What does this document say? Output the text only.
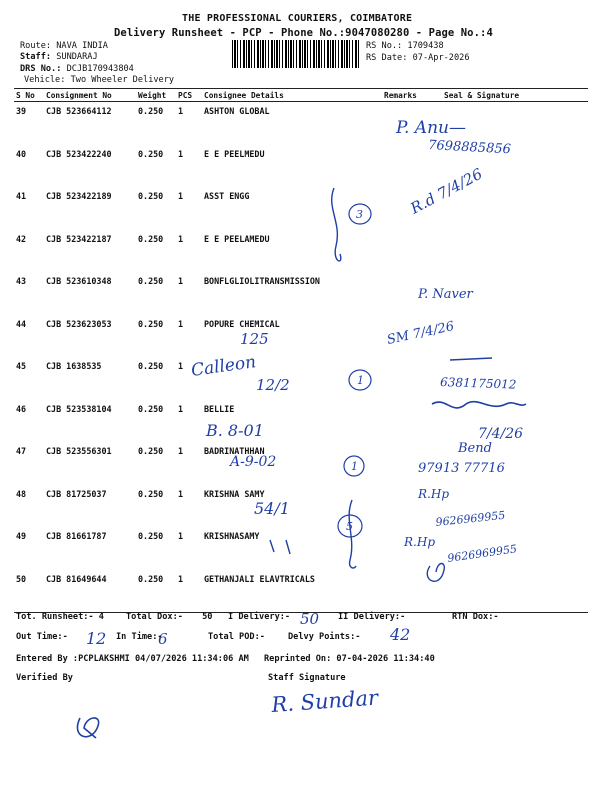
THE PROFESSIONAL COURIERS, COIMBATORE
Delivery Runsheet - PCP - Phone No.:9047080280 - Page No.:4
Route: NAVA INDIA
Staff: SUNDARAJ
DRS No.: DCJB170943804
Vehicle: Two Wheeler Delivery
RS No.: 1709438
RS Date: 07-Apr-2026
S No	Consignment No	Weight	PCS	Consignee Details	Remarks	Seal & Signature
39	CJB 523664112	0.250	1	ASHTON GLOBAL		
40	CJB 523422240	0.250	1	E E PEELMEDU		
41	CJB 523422189	0.250	1	ASST ENGG		
42	CJB 523422187	0.250	1	E E PEELAMEDU		
43	CJB 523610348	0.250	1	BONFLGLIOLITRANSMISSION		
44	CJB 523623053	0.250	1	POPURE CHEMICAL		
45	CJB 1638535	0.250	1			
46	CJB 523538104	0.250	1	BELLIE		
47	CJB 523556301	0.250	1	BADRINATHHAN		
48	CJB 81725037	0.250	1	KRISHNA SAMY		
49	CJB 81661787	0.250	1	KRISHNASAMY		
50	CJB 81649644	0.250	1	GETHANJALI ELAVTRICALS		
P. Anu—
7698885856
R.d 7/4/26
P. Naver
125	SM 7/4/26
Calleon
12/2	6381175012
B. 8-01	7/4/26
A-9-02
Bend
97913 77716
54/1
R.Hp
9626969955
R.Hp
9626969955
3
1
1
5
50
12	6	42
R. Sundar
Tot. Runsheet:- 4	Total Dox:- 50 I Delivery:-	II Delivery:-	RTN Dox:-
Out Time:-	In Time:-	Total POD:-	Delvy Points:-
Entered By :PCPLAKSHMI 04/07/2026 11:34:06 AM Reprinted On: 07-04-2026 11:34:40
Verified By	Staff Signature
